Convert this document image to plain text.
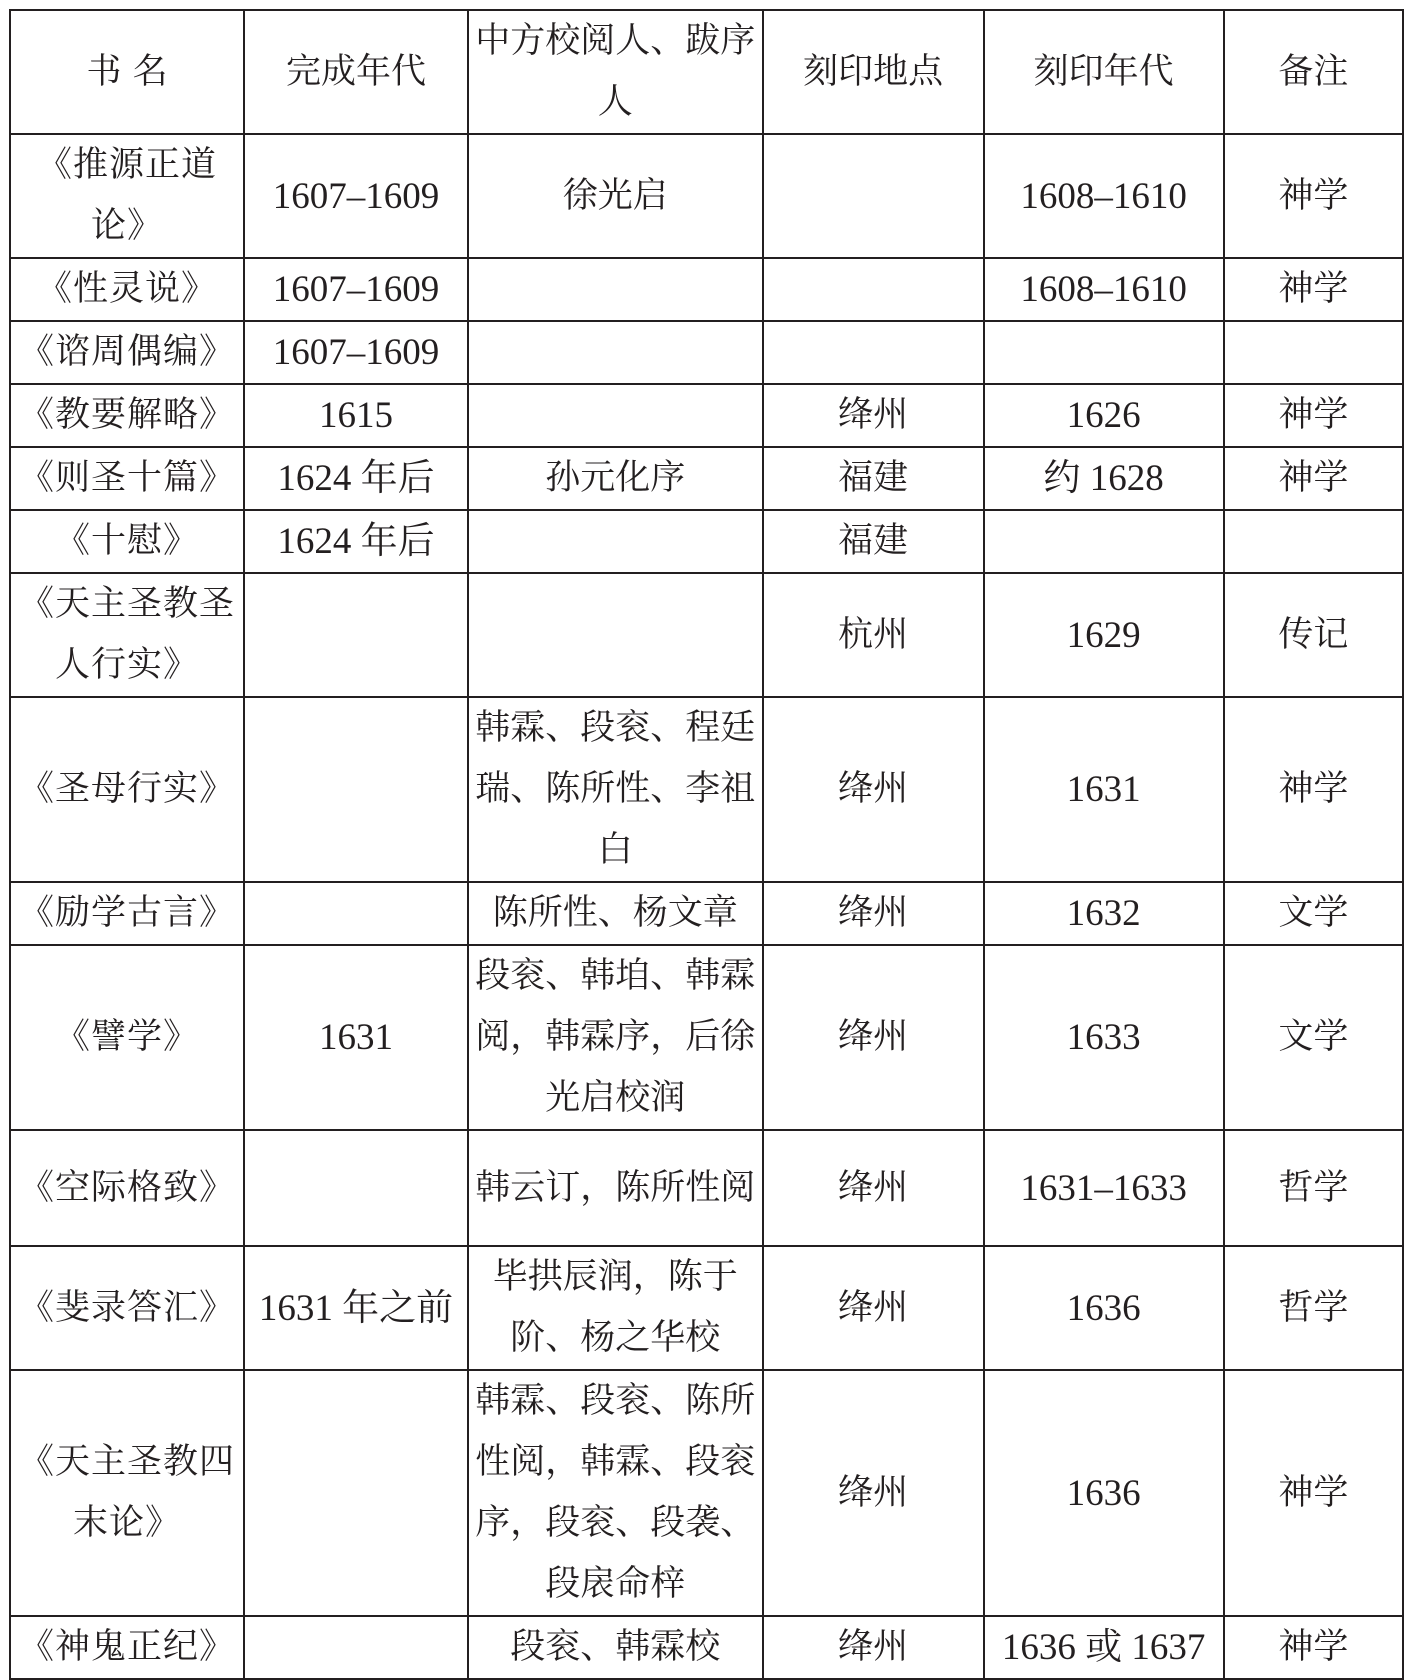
书 名	完成年代	中方校阅人、跋序人	刻印地点	刻印年代	备注
《推源正道论》	1607–1609	徐光启		1608–1610	神学
《性灵说》	1607–1609			1608–1610	神学
《谘周偶编》	1607–1609				
《教要解略》	1615		绛州	1626	神学
《则圣十篇》	1624 年后	孙元化序	福建	约 1628	神学
《十慰》	1624 年后		福建		
《天主圣教圣人行实》			杭州	1629	传记
《圣母行实》		韩霖、段衮、程廷瑞、陈所性、李祖白	绛州	1631	神学
《励学古言》		陈所性、杨文章	绛州	1632	文学
《譬学》	1631	段衮、韩垍、韩霖阅，韩霖序，后徐光启校润	绛州	1633	文学
《空际格致》		韩云订，陈所性阅	绛州	1631–1633	哲学
《斐录答汇》	1631 年之前	毕拱辰润，陈于阶、杨之华校	绛州	1636	哲学
《天主圣教四末论》		韩霖、段衮、陈所性阅，韩霖、段衮序，段衮、段袭、段扆命梓	绛州	1636	神学
《神鬼正纪》		段衮、韩霖校	绛州	1636 或 1637	神学
